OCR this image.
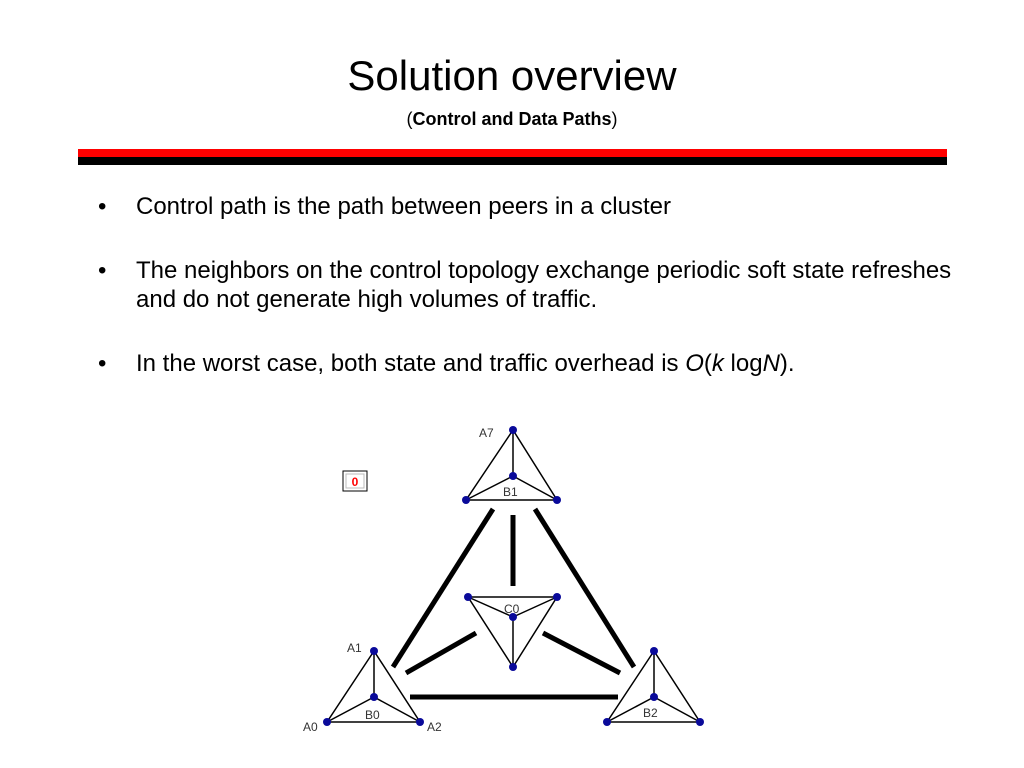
Solution overview
(Control and Data Paths)
• Control path is the path between peers in a cluster
• The neighbors on the control topology exchange periodic soft state refreshes and do not generate high volumes of traffic.
• In the worst case, both state and traffic overhead is O(k logN).
0
A7
B1
C0
A1
B0
A0	A2
B2
